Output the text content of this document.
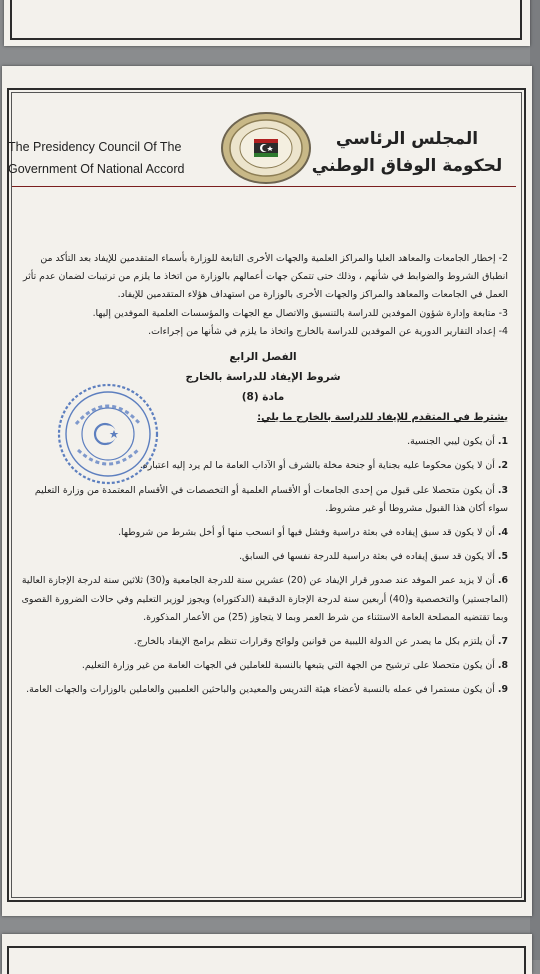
The Presidency Council Of The Government Of National Accord
المجلس الرئاسي
لحكومة الوفاق الوطني

2- إخطار الجامعات والمعاهد العليا والمراكز العلمية والجهات الأخرى التابعة للوزارة بأسماء المتقدمين للإيفاد بعد التأكد من انطباق الشروط والضوابط في شأنهم ، وذلك حتى تتمكن جهات أعمالهم بالوزارة من اتخاذ ما يلزم من ترتيبات لضمان عدم تأثر العمل في الجامعات والمعاهد والمراكز والجهات الأخرى بالوزارة من استهداف هؤلاء المتقدمين للإيفاد.

3- متابعة وإدارة شؤون الموفدين للدراسة بالتنسيق والاتصال مع الجهات والمؤسسات العلمية الموفدين إليها.

4- إعداد التقارير الدورية عن الموفدين للدراسة بالخارج واتخاذ ما يلزم في شأنها من إجراءات.

الفصل الرابع
شروط الإيفاد للدراسة بالخارج
مادة (8)
يشترط في المتقدم للإيفاد للدراسة بالخارج ما يلي:

1. أن يكون ليبي الجنسية.

2. أن لا يكون محكوما عليه بجناية أو جنحة مخلة بالشرف أو الآداب العامة ما لم يرد إليه اعتباره.

3. أن يكون متحصلا على قبول من إحدى الجامعات أو الأقسام العلمية أو التخصصات في الأقسام المعتمدة من وزارة التعليم سواء أكان هذا القبول مشروطا أو غير مشروط.

4. أن لا يكون قد سبق إيفاده في بعثة دراسية وفشل فيها أو انسحب منها أو أخل بشرط من شروطها.

5. ألا يكون قد سبق إيفاده في بعثة دراسية للدرجة نفسها في السابق.

6. أن لا يزيد عمر الموفد عند صدور قرار الإيفاد عن (20) عشرين سنة للدرجة الجامعية و(30) ثلاثين سنة لدرجة الإجازة العالية (الماجستير) والتخصصية و(40) أربعين سنة لدرجة الإجازة الدقيقة (الدكتوراه) ويجوز لوزير التعليم وفي حالات الضرورة القصوى وبما تقتضيه المصلحة العامة الاستثناء من شرط العمر وبما لا يتجاوز (25) من الأعمار المذكورة.

7. أن يلتزم بكل ما يصدر عن الدولة الليبية من قوانين ولوائح وقرارات تنظم برامج الإيفاد بالخارج.

8. أن يكون متحصلا على ترشيح من الجهة التي يتبعها بالنسبة للعاملين في الجهات العامة من غير وزارة التعليم.

9. أن يكون مستمرا في عمله بالنسبة لأعضاء هيئة التدريس والمعيدين والباحثين العلميين والعاملين بالوزارات والجهات العامة.
